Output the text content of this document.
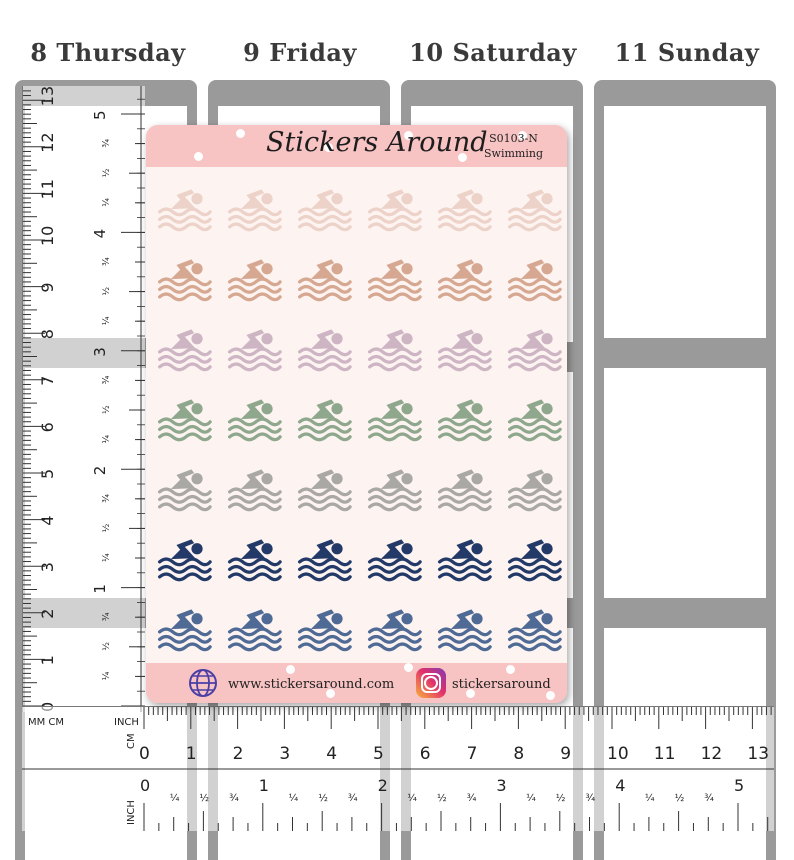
8 Thursday	9 Friday	10 Saturday	11 Sunday
1
2
3
4
5
6
7
8
9
10
11
12
13
1
2
3
4
5
¼
½
¾
¼
½
¾
¼
½
¾
¼
½
¾
¼
½
¾
0 1 2 3 4 5 6 7 8 9 10 11 12 13
0	1	2	3	4	5
¼ ½ ¾	¼ ½ ¾	¼ ½ ¾	¼ ½ ¾	¼ ½ ¾
MM CM	INCH
CM
INCH
Stickers Around S0103-N
Swimming
www.stickersaround.com	stickersaround
